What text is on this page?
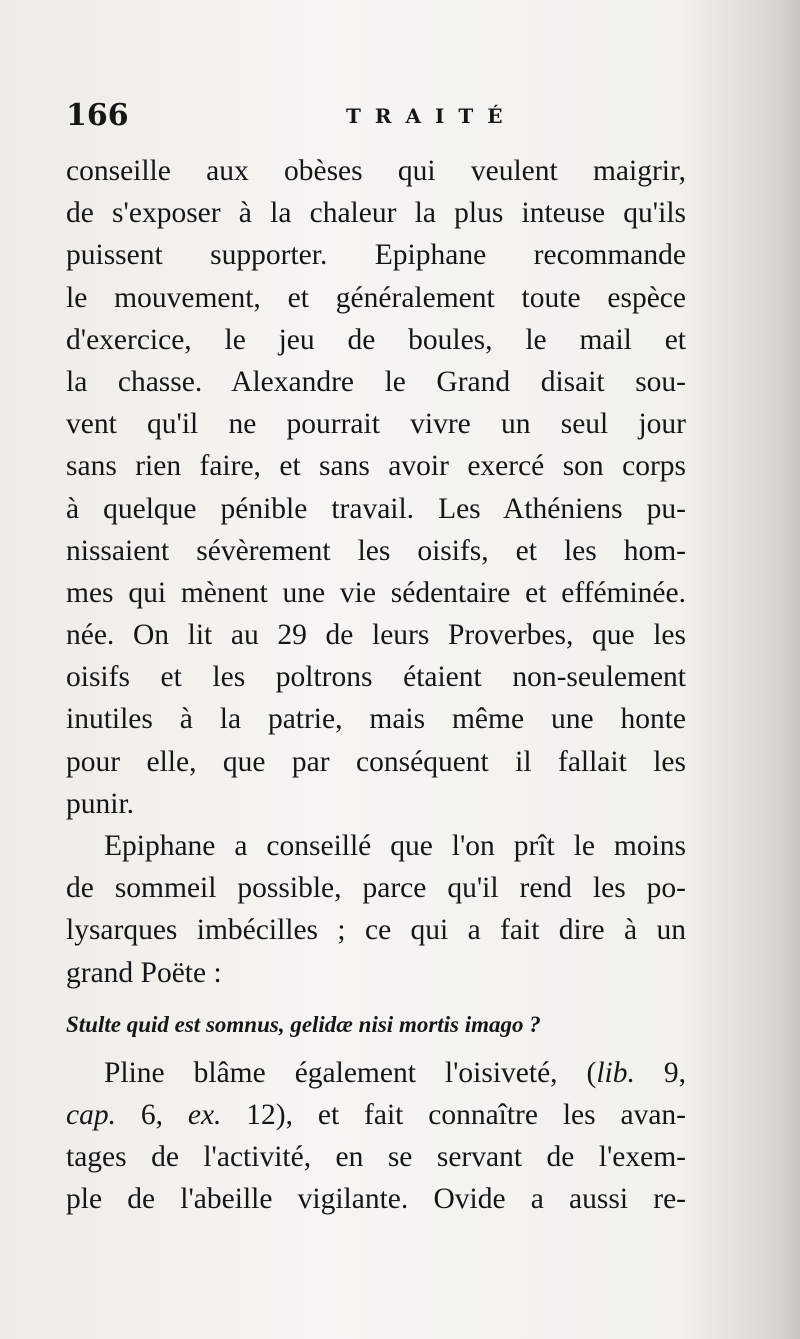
166	TRAITÉ
conseille aux obèses qui veulent maigrir,
de s'exposer à la chaleur la plus inteuse qu'ils
puissent supporter. Epiphane recommande
le mouvement, et généralement toute espèce
d'exercice, le jeu de boules, le mail et
la chasse. Alexandre le Grand disait sou-
vent qu'il ne pourrait vivre un seul jour
sans rien faire, et sans avoir exercé son corps
à quelque pénible travail. Les Athéniens pu-
nissaient sévèrement les oisifs, et les hom-
mes qui mènent une vie sédentaire et efféminée.
née. On lit au 29 de leurs Proverbes, que les
oisifs et les poltrons étaient non-seulement
inutiles à la patrie, mais même une honte
pour elle, que par conséquent il fallait les
punir.
Epiphane a conseillé que l'on prît le moins
de sommeil possible, parce qu'il rend les po-
lysarques imbécilles ; ce qui a fait dire à un
grand Poëte :
Stulte quid est somnus, gelidæ nisi mortis imago ?
Pline blâme également l'oisiveté, (lib. 9,
cap. 6, ex. 12), et fait connaître les avan-
tages de l'activité, en se servant de l'exem-
ple de l'abeille vigilante. Ovide a aussi re-
